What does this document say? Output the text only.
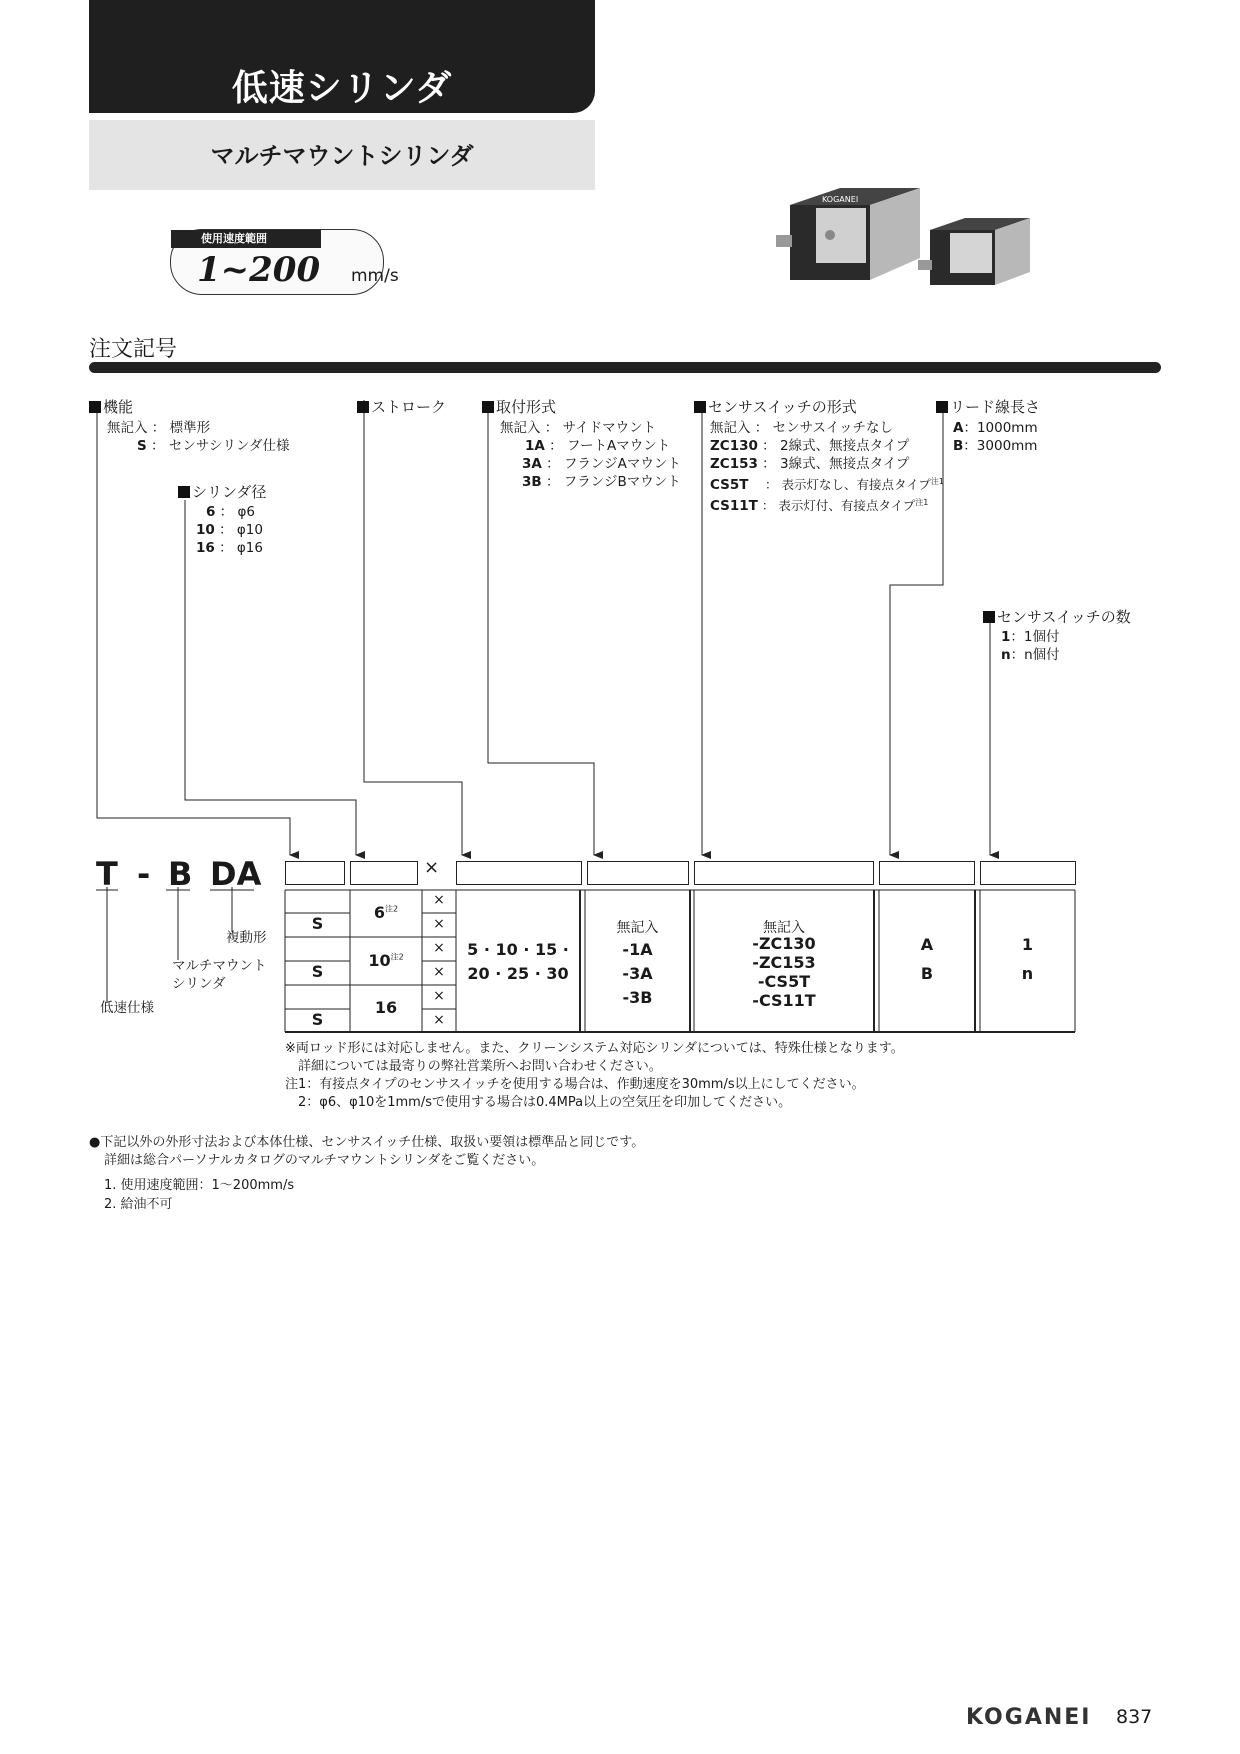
低速シリンダ
マルチマウントシリンダ
使用速度範囲
1~200 mm/s
KOGANEI
注文記号
機能
無記入 ： 標準形
S ： センサシリンダ仕様
シリンダ径
6 ： φ6
10 ： φ10
16 ： φ16
ストローク	取付形式
無記入 ： サイドマウント
1A ： フートAマウント
3A ： フランジAマウント
3B ： フランジBマウント
センサスイッチの形式
無記入 ： センサスイッチなし
ZC130 ： 2線式、無接点タイプ
ZC153 ： 3線式、無接点タイプ
CS5T　 ： 表示灯なし、有接点タイプ$^{注1}$
CS11T ： 表示灯付、有接点タイプ$^{注1}$
リード線長さ
A：1000mm
B：3000mm
センサスイッチの数
1：1個付
n：n個付
T - B DA
複動形
マルチマウント
シリンダ
低速仕様
×
S
S
S
6$^{注2}$
10$^{注2}$
16
×
×
×
×
×
×
5 · 10 · 15 ·
20 · 25 · 30
無記入
-1A
-3A
-3B
無記入
-ZC130
-ZC153
-CS5T
-CS11T
A
B
1
n
※両ロッド形には対応しません。また、クリーンシステム対応シリンダについては、特殊仕様となります。
　詳細については最寄りの弊社営業所へお問い合わせください。
注1：有接点タイプのセンサスイッチを使用する場合は、作動速度を30mm/s以上にしてください。
　2：φ6、φ10を1mm/sで使用する場合は0.4MPa以上の空気圧を印加してください。
●下記以外の外形寸法および本体仕様、センサスイッチ仕様、取扱い要領は標準品と同じです。
詳細は総合パーソナルカタログのマルチマウントシリンダをご覧ください。
1. 使用速度範囲：1〜200mm/s
2. 給油不可
KOGANEI 837
